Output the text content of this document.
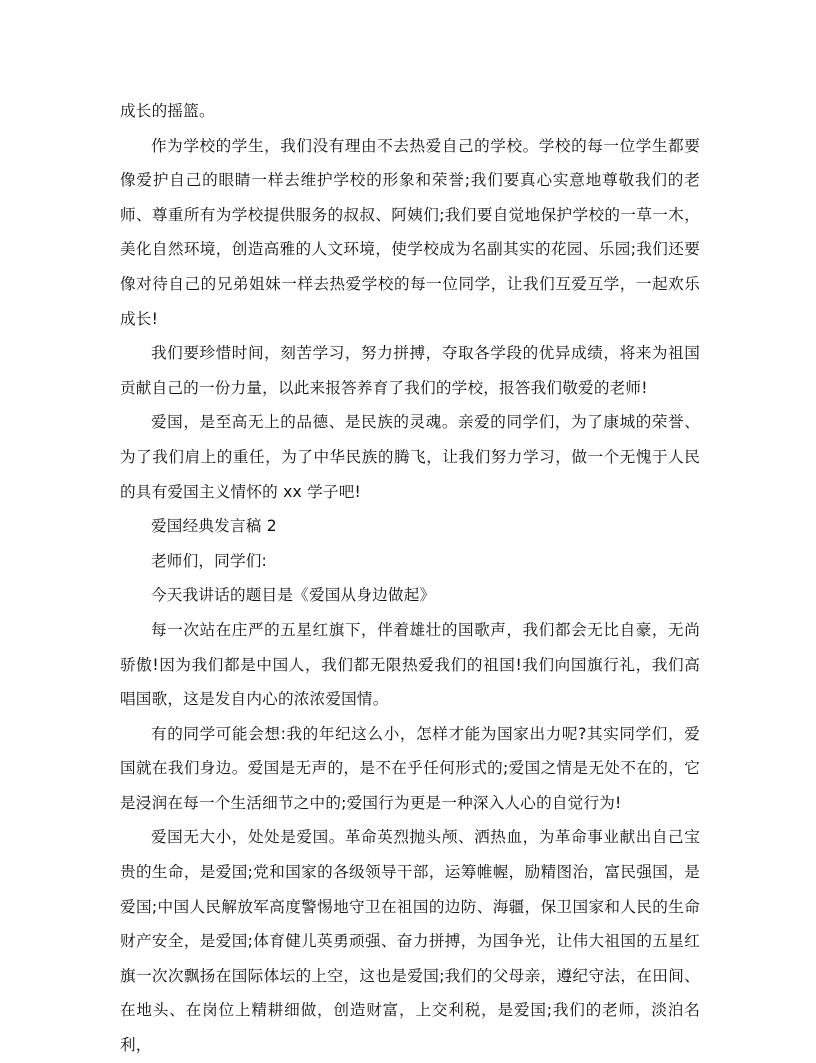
成长的摇篮。

作为学校的学生，我们没有理由不去热爱自己的学校。学校的每一位学生都要像爱护自己的眼睛一样去维护学校的形象和荣誉;我们要真心实意地尊敬我们的老师、尊重所有为学校提供服务的叔叔、阿姨们;我们要自觉地保护学校的一草一木，美化自然环境，创造高雅的人文环境，使学校成为名副其实的花园、乐园;我们还要像对待自己的兄弟姐妹一样去热爱学校的每一位同学，让我们互爱互学，一起欢乐成长!

我们要珍惜时间，刻苦学习，努力拼搏，夺取各学段的优异成绩，将来为祖国贡献自己的一份力量，以此来报答养育了我们的学校，报答我们敬爱的老师!

爱国，是至高无上的品德、是民族的灵魂。亲爱的同学们，为了康城的荣誉、为了我们肩上的重任，为了中华民族的腾飞，让我们努力学习，做一个无愧于人民的具有爱国主义情怀的 xx 学子吧!

爱国经典发言稿 2

老师们，同学们:

今天我讲话的题目是《爱国从身边做起》

每一次站在庄严的五星红旗下，伴着雄壮的国歌声，我们都会无比自豪，无尚骄傲!因为我们都是中国人，我们都无限热爱我们的祖国!我们向国旗行礼，我们高唱国歌，这是发自内心的浓浓爱国情。

有的同学可能会想:我的年纪这么小，怎样才能为国家出力呢?其实同学们，爱国就在我们身边。爱国是无声的，是不在乎任何形式的;爱国之情是无处不在的，它是浸润在每一个生活细节之中的;爱国行为更是一种深入人心的自觉行为!

爱国无大小，处处是爱国。革命英烈抛头颅、洒热血，为革命事业献出自己宝贵的生命，是爱国;党和国家的各级领导干部，运筹帷幄，励精图治，富民强国，是爱国;中国人民解放军高度警惕地守卫在祖国的边防、海疆，保卫国家和人民的生命财产安全，是爱国;体育健儿英勇顽强、奋力拼搏，为国争光，让伟大祖国的五星红旗一次次飘扬在国际体坛的上空，这也是爱国;我们的父母亲，遵纪守法，在田间、在地头、在岗位上精耕细做，创造财富，上交利税，是爱国;我们的老师，淡泊名利，
